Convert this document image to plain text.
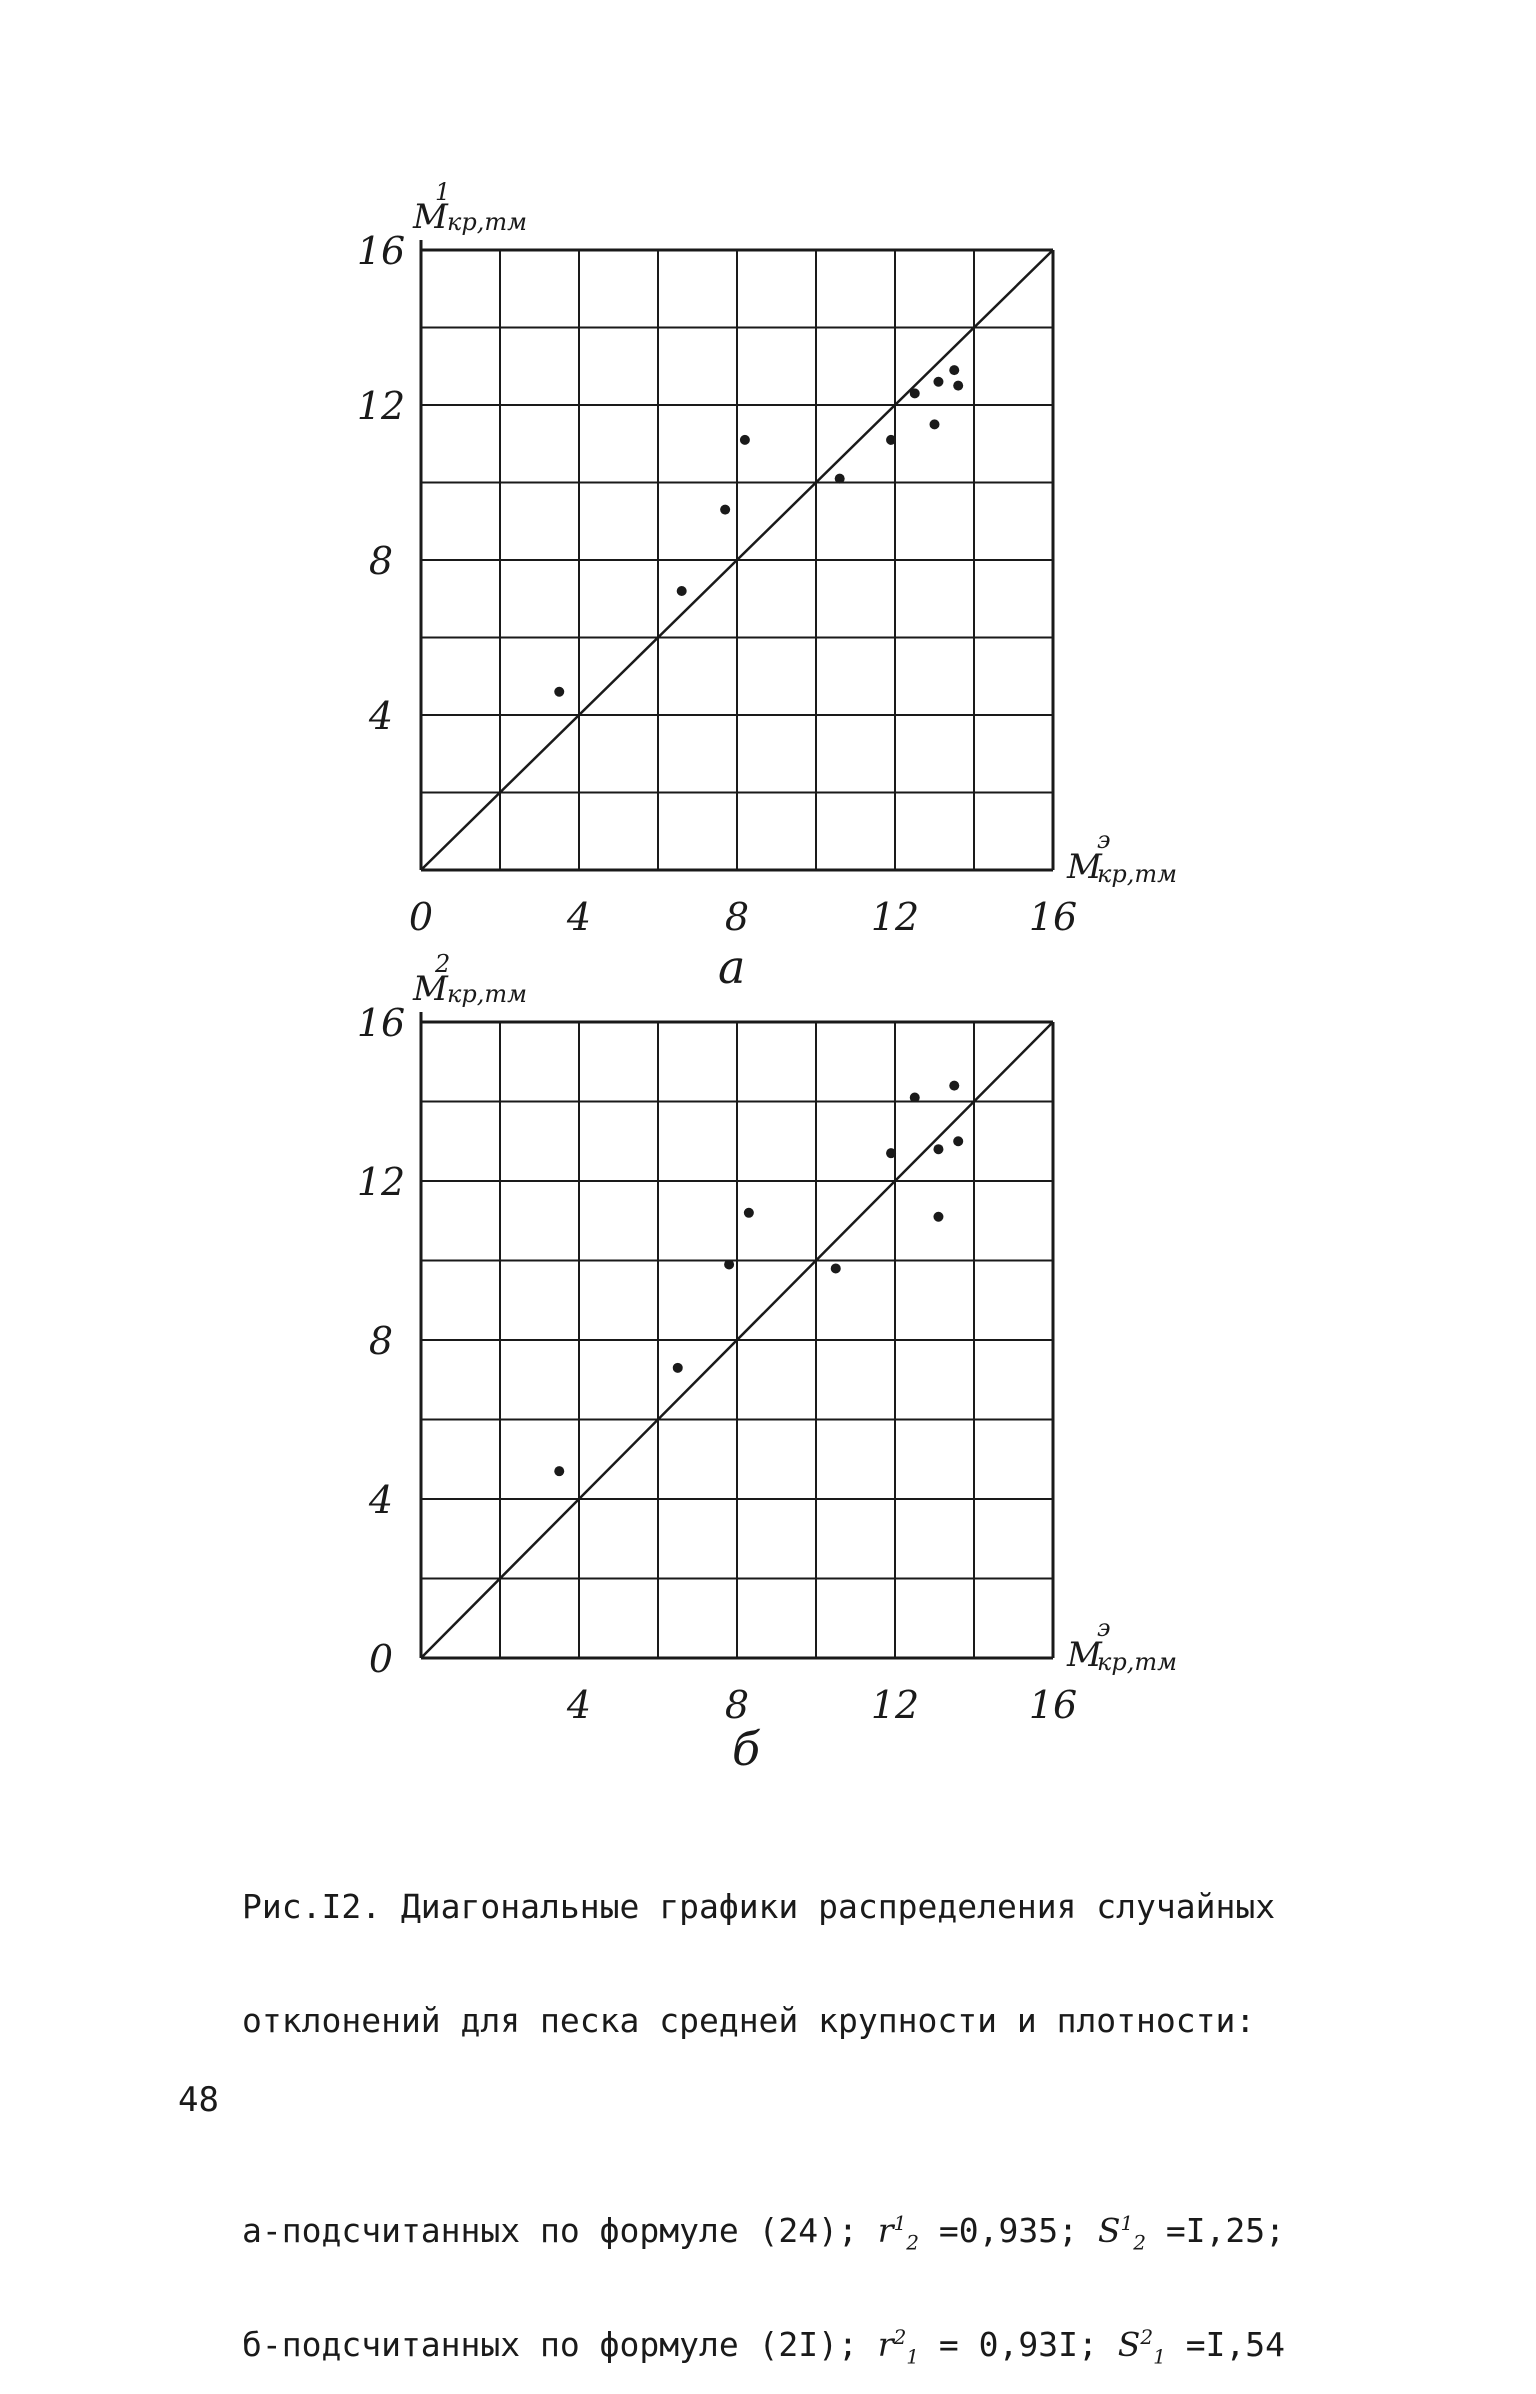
0	4	8	12	16
16
12
8
4
M кр,тм
1
M
кр,тм
э
а
4	8	12	16
16
12
8
4
0
M кр,тм
2
M
кр,тм
э
б

Рис.I2. Диагональные графики распределения случайных

отклонений для песка средней крупности и плотности:

а-подсчитанных по формуле (24); $r^1_2 =0,935$; $S^1_2 =I,25$;

б-подсчитанных по формуле (2I); $r^2_1 = 0,93I$; $S^2_1 =I,54$

48
